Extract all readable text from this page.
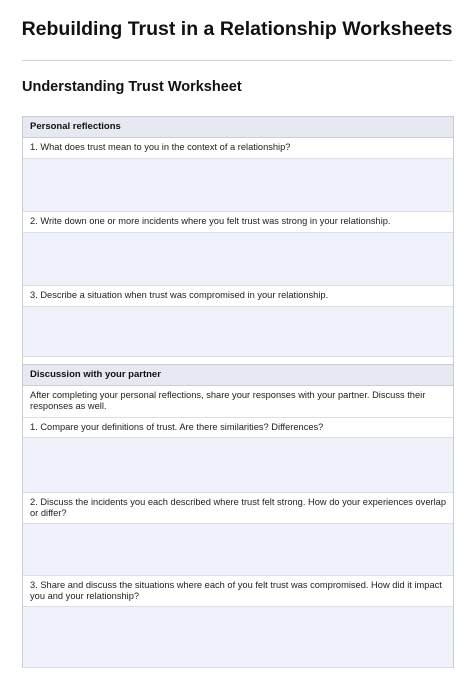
Rebuilding Trust in a Relationship Worksheets
Understanding Trust Worksheet
Personal reflections
1. What does trust mean to you in the context of a relationship?
2. Write down one or more incidents where you felt trust was strong in your relationship.
3. Describe a situation when trust was compromised in your relationship.
Discussion with your partner
After completing your personal reflections, share your responses with your partner. Discuss their responses as well.
1. Compare your definitions of trust. Are there similarities? Differences?
2. Discuss the incidents you each described where trust felt strong. How do your experiences overlap or differ?
3. Share and discuss the situations where each of you felt trust was compromised. How did it impact you and your relationship?
